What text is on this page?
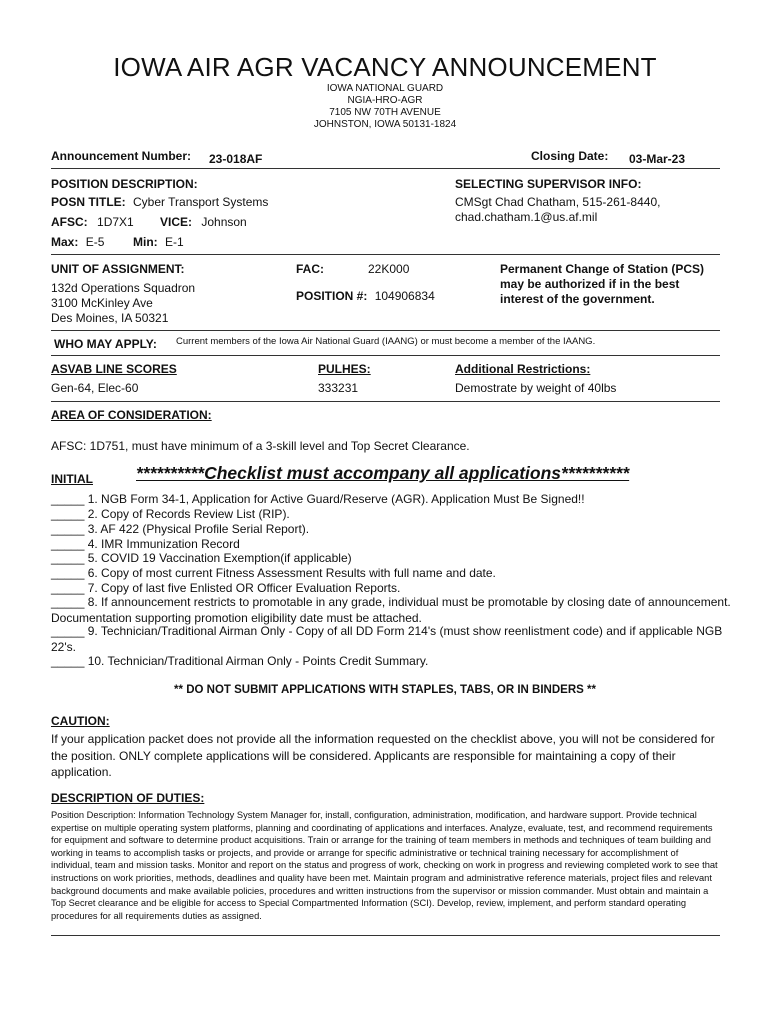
IOWA AIR AGR VACANCY ANNOUNCEMENT
IOWA NATIONAL GUARD
NGIA-HRO-AGR
7105 NW 70TH AVENUE
JOHNSTON, IOWA 50131-1824
Announcement Number: 23-018AF	Closing Date: 03-Mar-23
POSITION DESCRIPTION:	SELECTING SUPERVISOR INFO:
POSN TITLE: Cyber Transport Systems	CMSgt Chad Chatham, 515-261-8440,
chad.chatham.1@us.af.mil
AFSC: 1D7X1 VICE: Johnson
Max: E-5 Min: E-1
UNIT OF ASSIGNMENT:
132d Operations Squadron
3100 McKinley Ave
Des Moines, IA 50321
FAC:	22K000
POSITION #: 104906834
Permanent Change of Station (PCS)
may be authorized if in the best
interest of the government.
WHO MAY APPLY: Current members of the Iowa Air National Guard (IAANG) or must become a member of the IAANG.
ASVAB LINE SCORES	PULHES:	Additional Restrictions:
Gen-64, Elec-60	333231	Demostrate by weight of 40lbs
AREA OF CONSIDERATION:
AFSC: 1D751, must have minimum of a 3-skill level and Top Secret Clearance.
INITIAL **********Checklist must accompany all applications**********
_____ 1. NGB Form 34-1, Application for Active Guard/Reserve (AGR). Application Must Be Signed!!
_____ 2. Copy of Records Review List (RIP).
_____ 3. AF 422 (Physical Profile Serial Report).
_____ 4. IMR Immunization Record
_____ 5. COVID 19 Vaccination Exemption(if applicable)
_____ 6. Copy of most current Fitness Assessment Results with full name and date.
_____ 7. Copy of last five Enlisted OR Officer Evaluation Reports.
_____ 8. If announcement restricts to promotable in any grade, individual must be promotable by closing date of announcement. Documentation supporting promotion eligibility date must be attached.
_____ 9. Technician/Traditional Airman Only - Copy of all DD Form 214's (must show reenlistment code) and if applicable NGB 22's.
_____ 10. Technician/Traditional Airman Only - Points Credit Summary.
** DO NOT SUBMIT APPLICATIONS WITH STAPLES, TABS, OR IN BINDERS **
CAUTION:
If your application packet does not provide all the information requested on the checklist above, you will not be considered for the position. ONLY complete applications will be considered. Applicants are responsible for maintaining a copy of their application.
DESCRIPTION OF DUTIES:
Position Description: Information Technology System Manager for, install, configuration, administration, modification, and hardware support. Provide technical expertise on multiple operating system platforms, planning and coordinating of applications and interfaces. Analyze, evaluate, test, and recommend requirements for equipment and software to determine product acquisitions. Train or arrange for the training of team members in methods and techniques of team building and working in teams to accomplish tasks or projects, and provide or arrange for specific administrative or technical training necessary for accomplishment of individual, team and mission tasks. Monitor and report on the status and progress of work, checking on work in progress and reviewing completed work to see that instructions on work priorities, methods, deadlines and quality have been met. Maintain program and administrative reference materials, project files and relevant background documents and make available policies, procedures and written instructions from the supervisor or mission commander. Must obtain and maintain a Top Secret clearance and be eligible for access to Special Compartmented Information (SCI). Develop, review, implement, and perform standard operating procedures for all requirements duties as assigned.
